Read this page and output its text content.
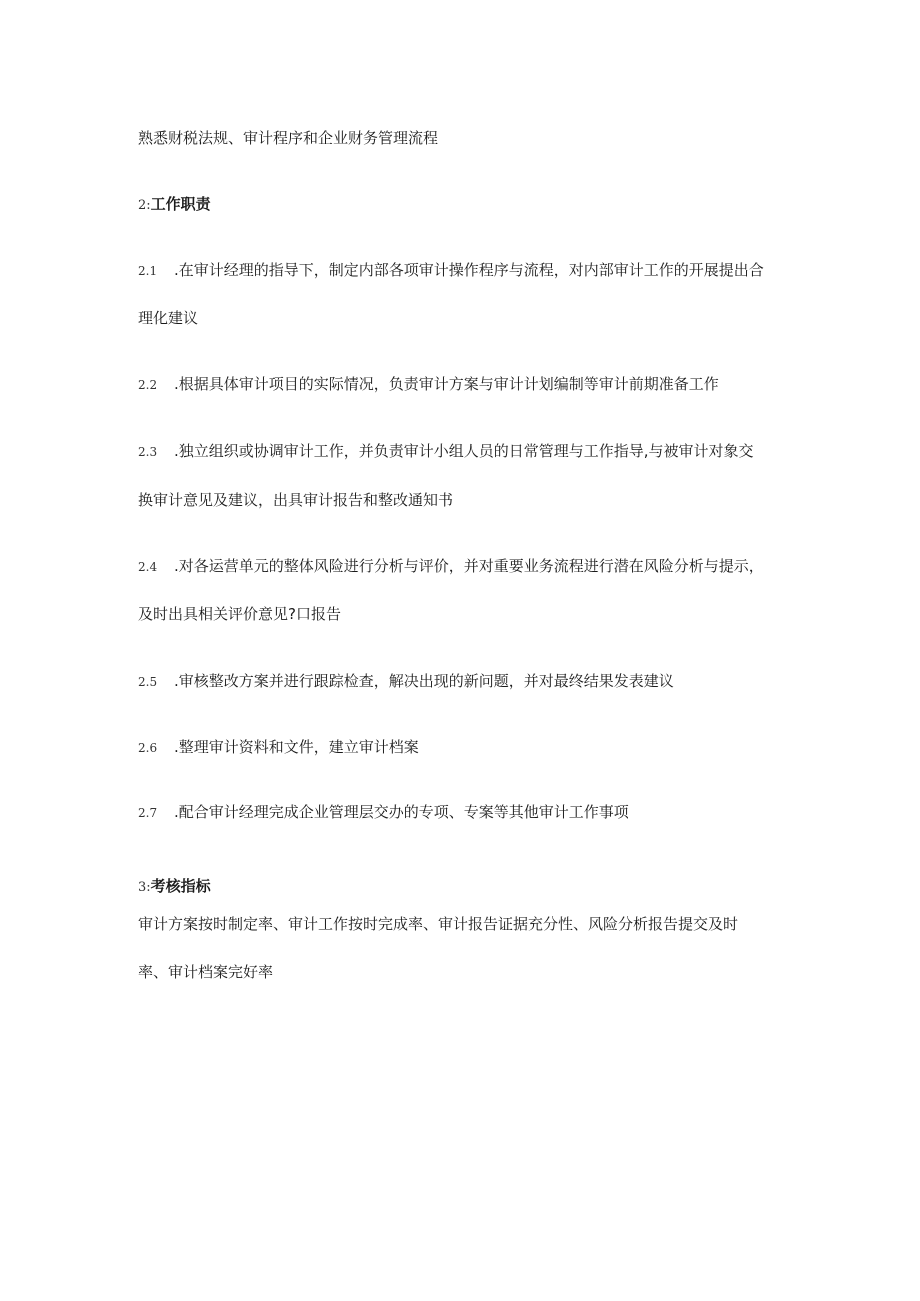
熟悉财税法规、审计程序和企业财务管理流程
2:工作职责
2.1 .在审计经理的指导下，制定内部各项审计操作程序与流程，对内部审计工作的开展提出合
理化建议
2.2 .根据具体审计项目的实际情况，负责审计方案与审计计划编制等审计前期准备工作
2.3 .独立组织或协调审计工作，并负责审计小组人员的日常管理与工作指导,与被审计对象交
换审计意见及建议，出具审计报告和整改通知书
2.4 .对各运营单元的整体风险进行分析与评价，并对重要业务流程进行潜在风险分析与提示，
及时出具相关评价意见?口报告
2.5 .审核整改方案并进行跟踪检查，解决出现的新问题，并对最终结果发表建议
2.6 .整理审计资料和文件，建立审计档案
2.7 .配合审计经理完成企业管理层交办的专项、专案等其他审计工作事项
3:考核指标
审计方案按时制定率、审计工作按时完成率、审计报告证据充分性、风险分析报告提交及时
率、审计档案完好率
